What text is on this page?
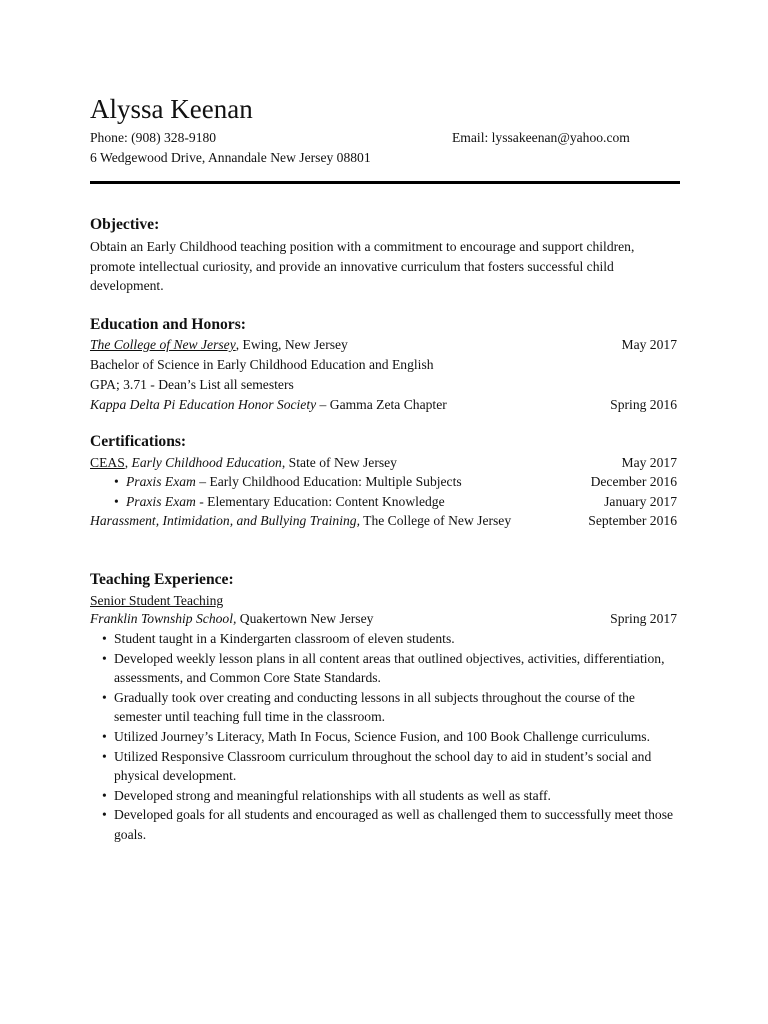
Alyssa Keenan
Phone: (908) 328-9180	Email: lyssakeenan@yahoo.com
6 Wedgewood Drive, Annandale New Jersey 08801
Objective:
Obtain an Early Childhood teaching position with a commitment to encourage and support children, promote intellectual curiosity, and provide an innovative curriculum that fosters successful child development.
Education and Honors:
The College of New Jersey, Ewing, New Jersey	May 2017
Bachelor of Science in Early Childhood Education and English
GPA; 3.71 - Dean’s List all semesters
Kappa Delta Pi Education Honor Society – Gamma Zeta Chapter	Spring 2016
Certifications:
CEAS, Early Childhood Education, State of New Jersey	May 2017
• Praxis Exam – Early Childhood Education: Multiple Subjects	December 2016
• Praxis Exam - Elementary Education: Content Knowledge	January 2017
Harassment, Intimidation, and Bullying Training, The College of New Jersey	September 2016
Teaching Experience:
Senior Student Teaching
Franklin Township School, Quakertown New Jersey	Spring 2017
• Student taught in a Kindergarten classroom of eleven students.
• Developed weekly lesson plans in all content areas that outlined objectives, activities, differentiation, assessments, and Common Core State Standards.
• Gradually took over creating and conducting lessons in all subjects throughout the course of the semester until teaching full time in the classroom.
• Utilized Journey’s Literacy, Math In Focus, Science Fusion, and 100 Book Challenge curriculums.
• Utilized Responsive Classroom curriculum throughout the school day to aid in student’s social and physical development.
• Developed strong and meaningful relationships with all students as well as staff.
• Developed goals for all students and encouraged as well as challenged them to successfully meet those goals.
